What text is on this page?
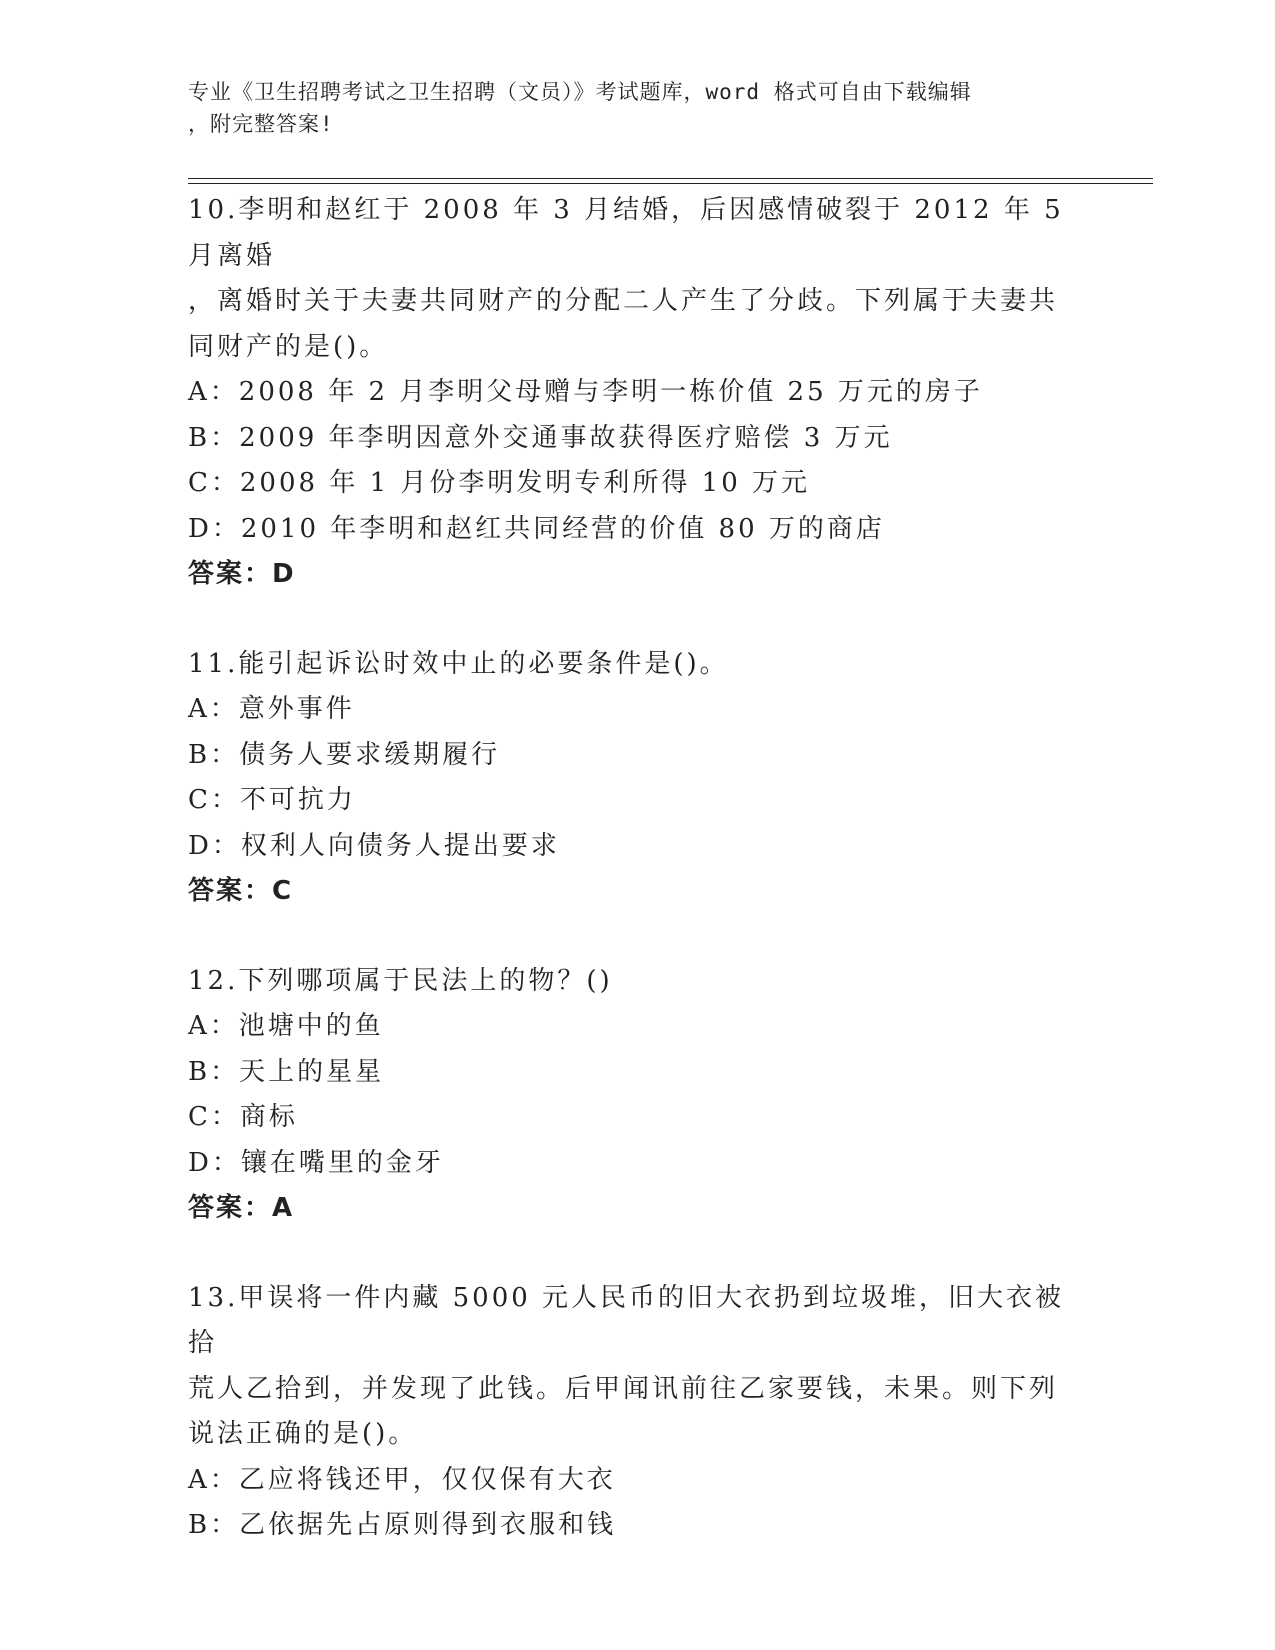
专业《卫生招聘考试之卫生招聘（文员）》考试题库，word 格式可自由下载编辑

，附完整答案!

10.李明和赵红于 2008 年 3 月结婚，后因感情破裂于 2012 年 5 月离婚

，离婚时关于夫妻共同财产的分配二人产生了分歧。下列属于夫妻共

同财产的是()。

A：2008 年 2 月李明父母赠与李明一栋价值 25 万元的房子

B：2009 年李明因意外交通事故获得医疗赔偿 3 万元

C：2008 年 1 月份李明发明专利所得 10 万元

D：2010 年李明和赵红共同经营的价值 80 万的商店

答案：D

11.能引起诉讼时效中止的必要条件是()。

A：意外事件

B：债务人要求缓期履行

C：不可抗力

D：权利人向债务人提出要求

答案：C

12.下列哪项属于民法上的物？()

A：池塘中的鱼

B：天上的星星

C：商标

D：镶在嘴里的金牙

答案：A

13.甲误将一件内藏 5000 元人民币的旧大衣扔到垃圾堆，旧大衣被拾

荒人乙拾到，并发现了此钱。后甲闻讯前往乙家要钱，未果。则下列

说法正确的是()。

A：乙应将钱还甲，仅仅保有大衣

B：乙依据先占原则得到衣服和钱
